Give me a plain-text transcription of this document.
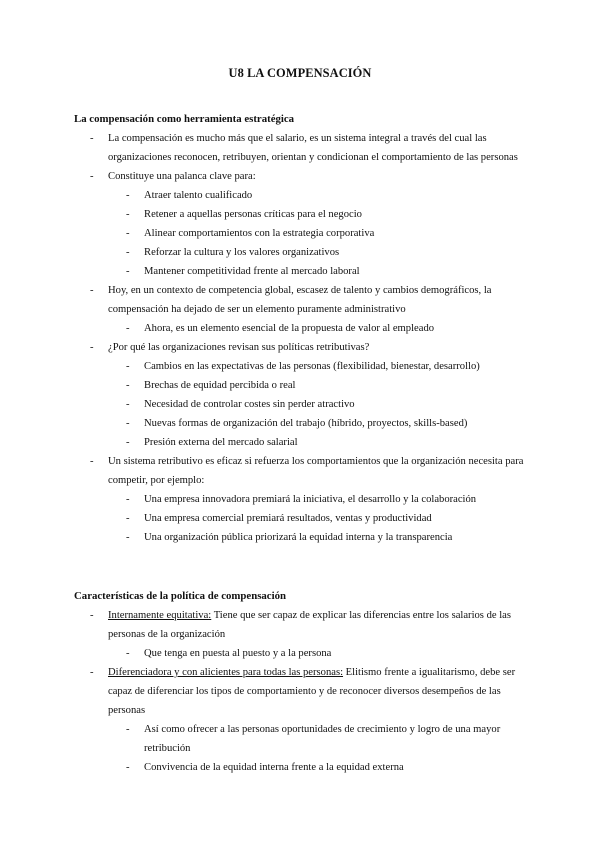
U8 LA COMPENSACIÓN
La compensación como herramienta estratégica
- La compensación es mucho más que el salario, es un sistema integral a través del cual las organizaciones reconocen, retribuyen, orientan y condicionan el comportamiento de las personas
- Constituye una palanca clave para:
- Atraer talento cualificado
- Retener a aquellas personas críticas para el negocio
- Alinear comportamientos con la estrategia corporativa
- Reforzar la cultura y los valores organizativos
- Mantener competitividad frente al mercado laboral
- Hoy, en un contexto de competencia global, escasez de talento y cambios demográficos, la compensación ha dejado de ser un elemento puramente administrativo
- Ahora, es un elemento esencial de la propuesta de valor al empleado
- ¿Por qué las organizaciones revisan sus políticas retributivas?
- Cambios en las expectativas de las personas (flexibilidad, bienestar, desarrollo)
- Brechas de equidad percibida o real
- Necesidad de controlar costes sin perder atractivo
- Nuevas formas de organización del trabajo (híbrido, proyectos, skills-based)
- Presión externa del mercado salarial
- Un sistema retributivo es eficaz si refuerza los comportamientos que la organización necesita para competir, por ejemplo:
- Una empresa innovadora premiará la iniciativa, el desarrollo y la colaboración
- Una empresa comercial premiará resultados, ventas y productividad
- Una organización pública priorizará la equidad interna y la transparencia
Características de la política de compensación
- Internamente equitativa: Tiene que ser capaz de explicar las diferencias entre los salarios de las personas de la organización
- Que tenga en puesta al puesto y a la persona
- Diferenciadora y con alicientes para todas las personas: Elitismo frente a igualitarismo, debe ser capaz de diferenciar los tipos de comportamiento y de reconocer diversos desempeños de las personas
- Así como ofrecer a las personas oportunidades de crecimiento y logro de una mayor retribución
- Convivencia de la equidad interna frente a la equidad externa
